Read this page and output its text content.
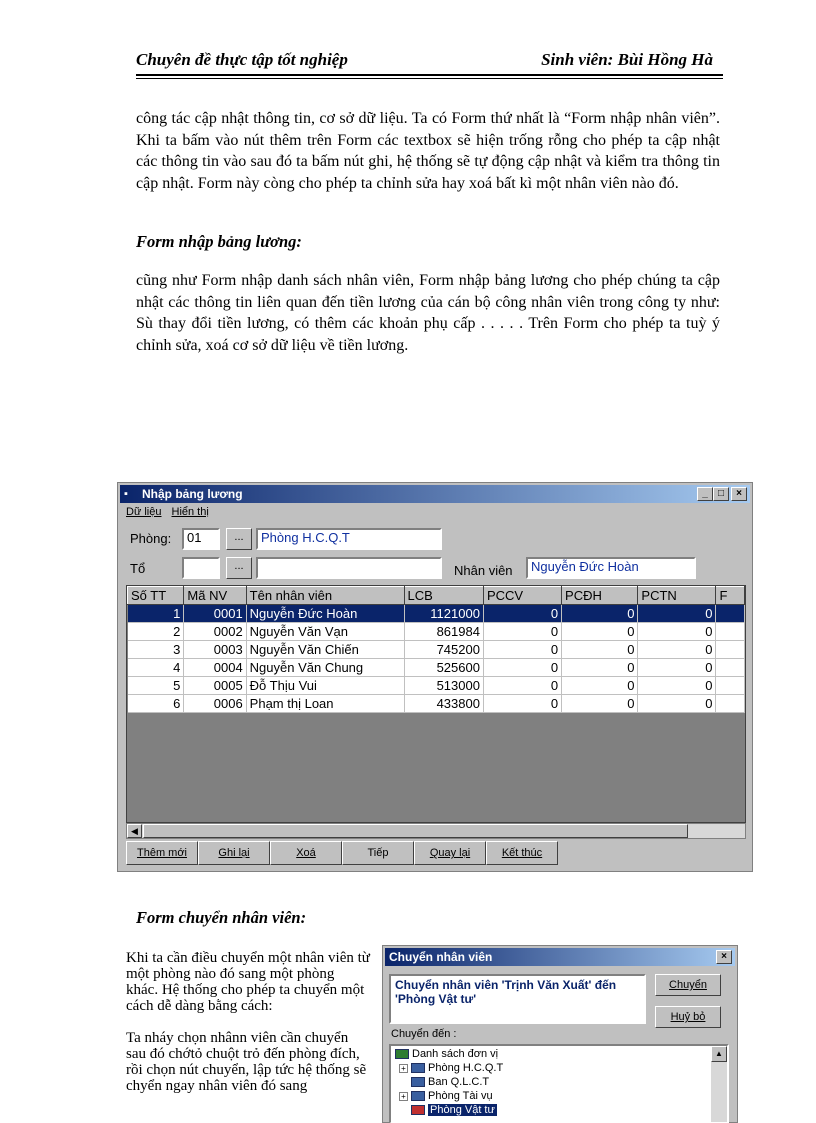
Chuyên đề thực tập tốt nghiệp	Sinh viên: Bùi Hồng Hà

công tác cập nhật thông tin, cơ sở dữ liệu. Ta có Form thứ nhất là “Form nhập nhân viên”. Khi ta bấm vào nút thêm trên Form các textbox sẽ hiện trống rỗng cho phép ta cập nhật các thông tin vào sau đó ta bấm nút ghi, hệ thống sẽ tự động cập nhật và kiểm tra thông tin cập nhật. Form này còng cho phép ta chỉnh sửa hay xoá bất kì một nhân viên nào đó.

Form nhập bảng lương:

cũng như Form nhập danh sách nhân viên, Form nhập bảng lương cho phép chúng ta cập nhật các thông tin liên quan đến tiền lương của cán bộ công nhân viên trong công ty như: Sù thay đổi tiền lương, có thêm các khoản phụ cấp . . . . . Trên Form cho phép ta tuỳ ý chỉnh sửa, xoá cơ sở dữ liệu về tiền lương.

▪	Nhập bảng lương	_	□	×
Dữ liệu Hiển thị
Phòng:	01	...	Phòng H.C.Q.T
Tổ	...	Nhân viên	Nguyễn Đức Hoàn
Số TT	Mã NV	Tên nhân viên	LCB	PCCV	PCĐH	PCTN	F
1	0001	Nguyễn Đức Hoàn	1121000	0	0	0	
2	0002	Nguyễn Văn Vạn	861984	0	0	0	
3	0003	Nguyễn Văn Chiến	745200	0	0	0	
4	0004	Nguyễn Văn Chung	525600	0	0	0	
5	0005	Đỗ Thịu Vui	513000	0	0	0	
6	0006	Phạm thị Loan	433800	0	0	0	
◀
Thêm mới	Ghi lại	Xoá	Tiếp	Quay lại	Kết thúc
Form chuyển nhân viên:

Khi ta cần điều chuyển một nhân viên từ một phòng nào đó sang một phòng khác. Hệ thống cho phép ta chuyển một cách dễ dàng bằng cách:

Ta nháy chọn nhânn viên cần chuyển sau đó chớtỏ chuột trỏ đến phòng đích, rồi chọn nút chuyển, lập tức hệ thống sẽ chyển ngay nhân viên đó sang

Chuyển nhân viên	×
Chuyển nhân viên 'Trịnh Văn Xuất' đến 'Phòng Vật tư'
Chuyển
Huỷ bỏ
Chuyển đến :
Danh sách đơn vị
+ Phòng H.C.Q.T
Ban Q.L.C.T
+ Phòng Tài vụ
Phòng Vật tư
▲
